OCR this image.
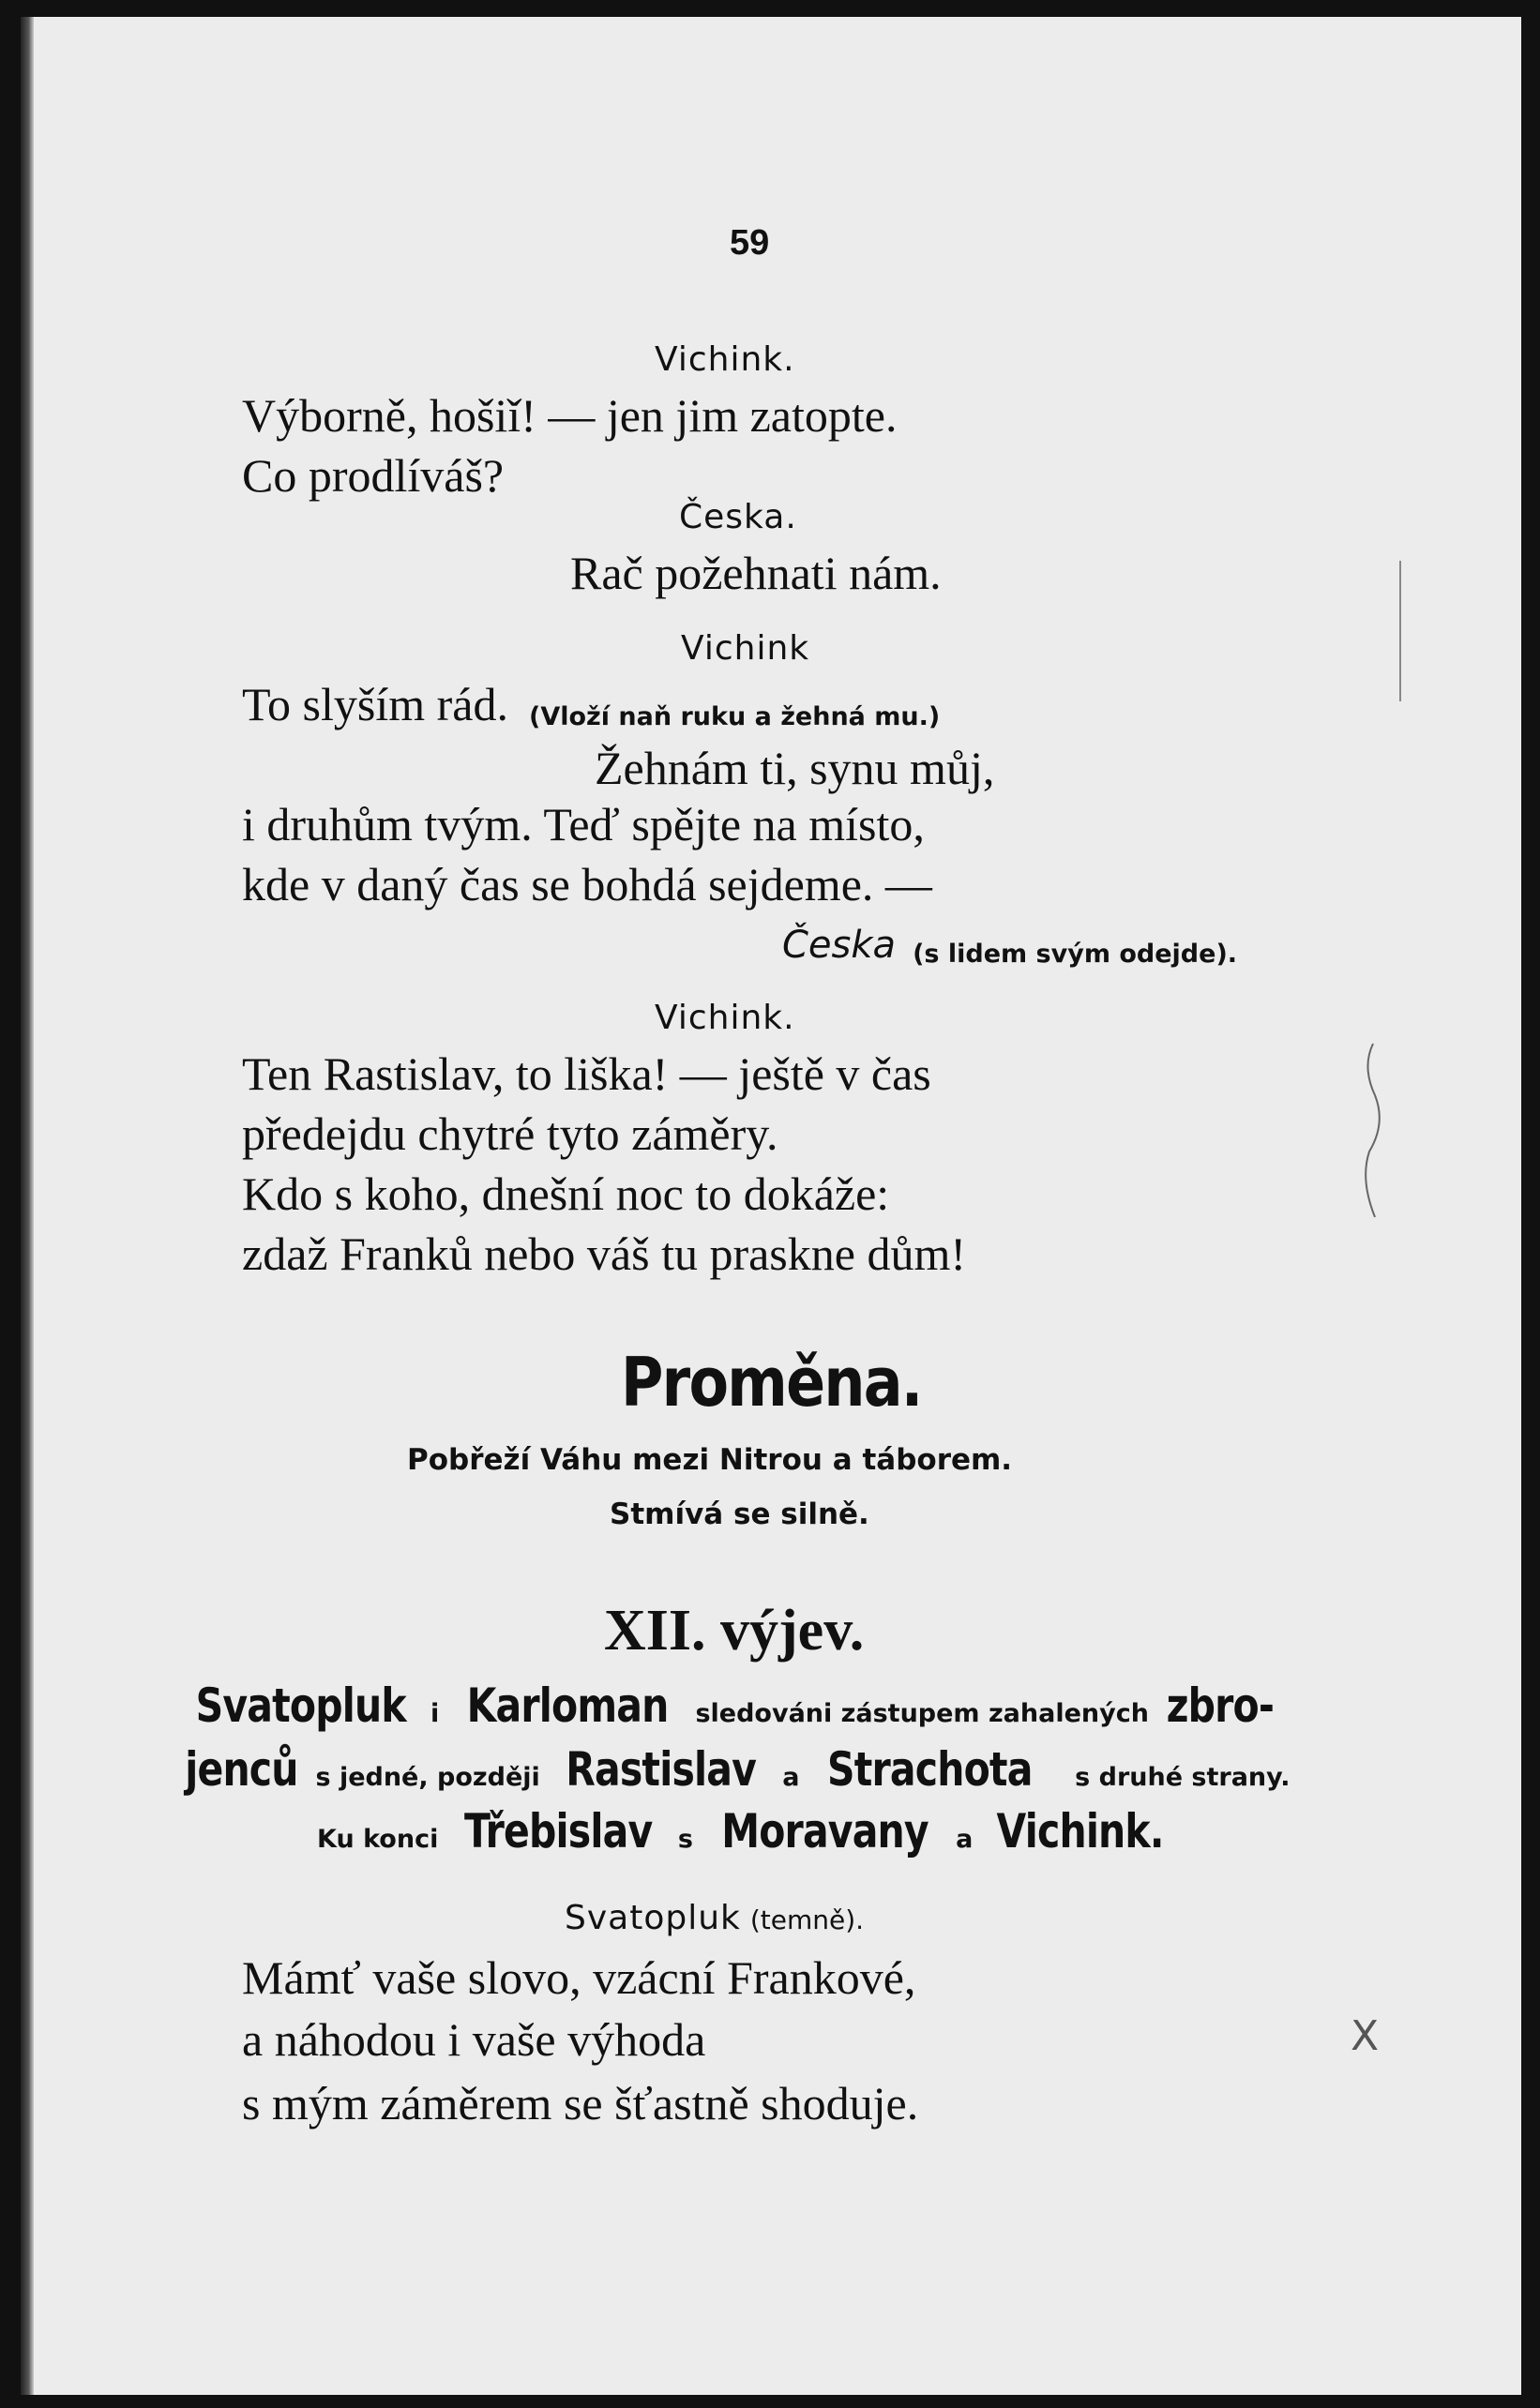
59
Vichink.
Výborně, hošiǐ! — jen jim zatopte.
Co prodlíváš?
Česka.
Rač požehnati nám.
Vichink
To slyším rád. (Vloží naň ruku a žehná mu.)
Žehnám ti, synu můj,
i druhům tvým. Teď spějte na místo,
kde v daný čas se bohdá sejdeme. —
Česka (s lidem svým odejde).
Vichink.
Ten Rastislav, to liška! — ještě v čas
předejdu chytré tyto záměry.
Kdo s koho, dnešní noc to dokáže:
zdaž Franků nebo váš tu praskne dům!
Proměna.
Pobřeží Váhu mezi Nitrou a táborem.
Stmívá se silně.
XII. výjev.
Svatopluk i Karloman sledováni zástupem zahalených zbro-
jenců s jedné, později Rastislav a Strachota s druhé strany.
Ku konci Třebislav s Moravany a Vichink.
Svatopluk (temně).
Mámť vaše slovo, vzácní Frankové,
a náhodou i vaše výhoda
s mým záměrem se šťastně shoduje.
X
